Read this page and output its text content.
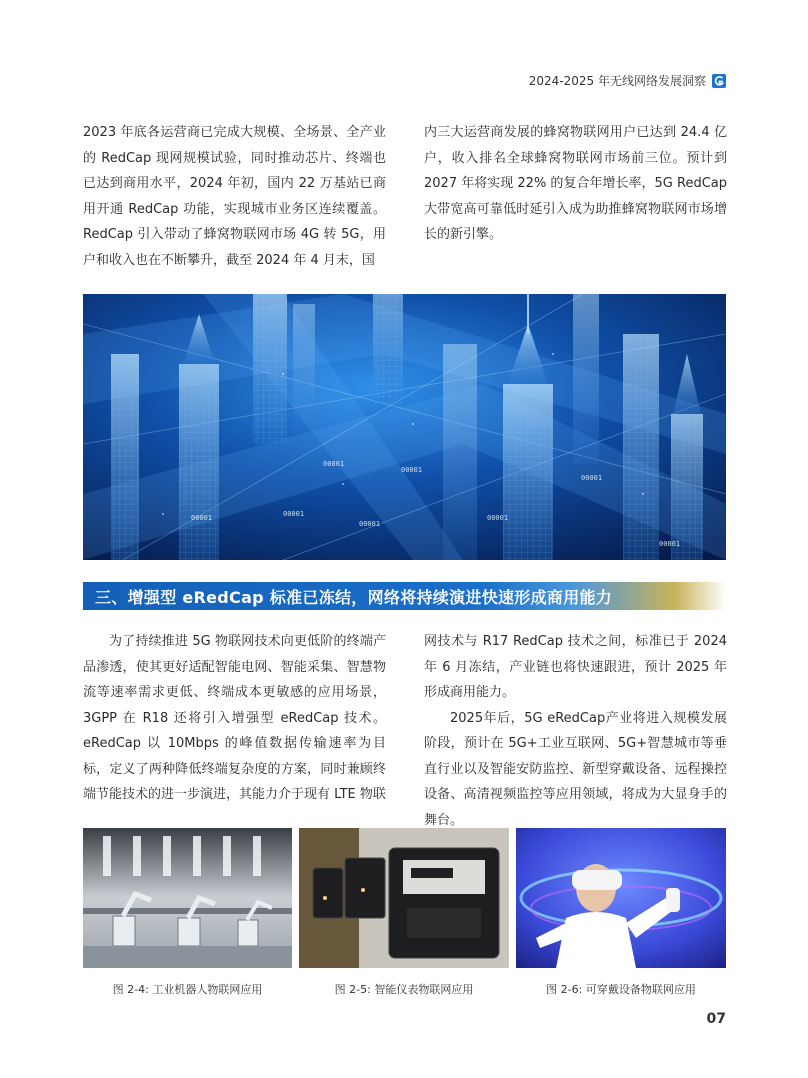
2024-2025 年无线网络发展洞察

2023 年底各运营商已完成大规模、全场景、全产业的 RedCap 现网规模试验，同时推动芯片、终端也已达到商用水平，2024 年初，国内 22 万基站已商用开通 RedCap 功能，实现城市业务区连续覆盖。RedCap 引入带动了蜂窝物联网市场 4G 转 5G，用户和收入也在不断攀升，截至 2024 年 4 月末，国

内三大运营商发展的蜂窝物联网用户已达到 24.4 亿户，收入排名全球蜂窝物联网市场前三位。预计到 2027 年将实现 22% 的复合年增长率，5G RedCap 大带宽高可靠低时延引入成为助推蜂窝物联网市场增长的新引擎。

00001
00001
00001	00001
00001
00001
00001
00001
三、增强型 eRedCap 标准已冻结，网络将持续演进快速形成商用能力

为了持续推进 5G 物联网技术向更低阶的终端产品渗透，使其更好适配智能电网、智能采集、智慧物流等速率需求更低、终端成本更敏感的应用场景，3GPP 在 R18 还将引入增强型 eRedCap 技术。eRedCap 以 10Mbps 的峰值数据传输速率为目标，定义了两种降低终端复杂度的方案，同时兼顾终端节能技术的进一步演进，其能力介于现有 LTE 物联

网技术与 R17 RedCap 技术之间，标准已于 2024 年 6 月冻结，产业链也将快速跟进，预计 2025 年形成商用能力。

2025年后，5G eRedCap产业将进入规模发展阶段，预计在 5G+工业互联网、5G+智慧城市等垂直行业以及智能安防监控、新型穿戴设备、远程操控设备、高清视频监控等应用领域，将成为大显身手的舞台。

图 2-4: 工业机器人物联网应用	图 2-5: 智能仪表物联网应用	图 2-6: 可穿戴设备物联网应用
07
